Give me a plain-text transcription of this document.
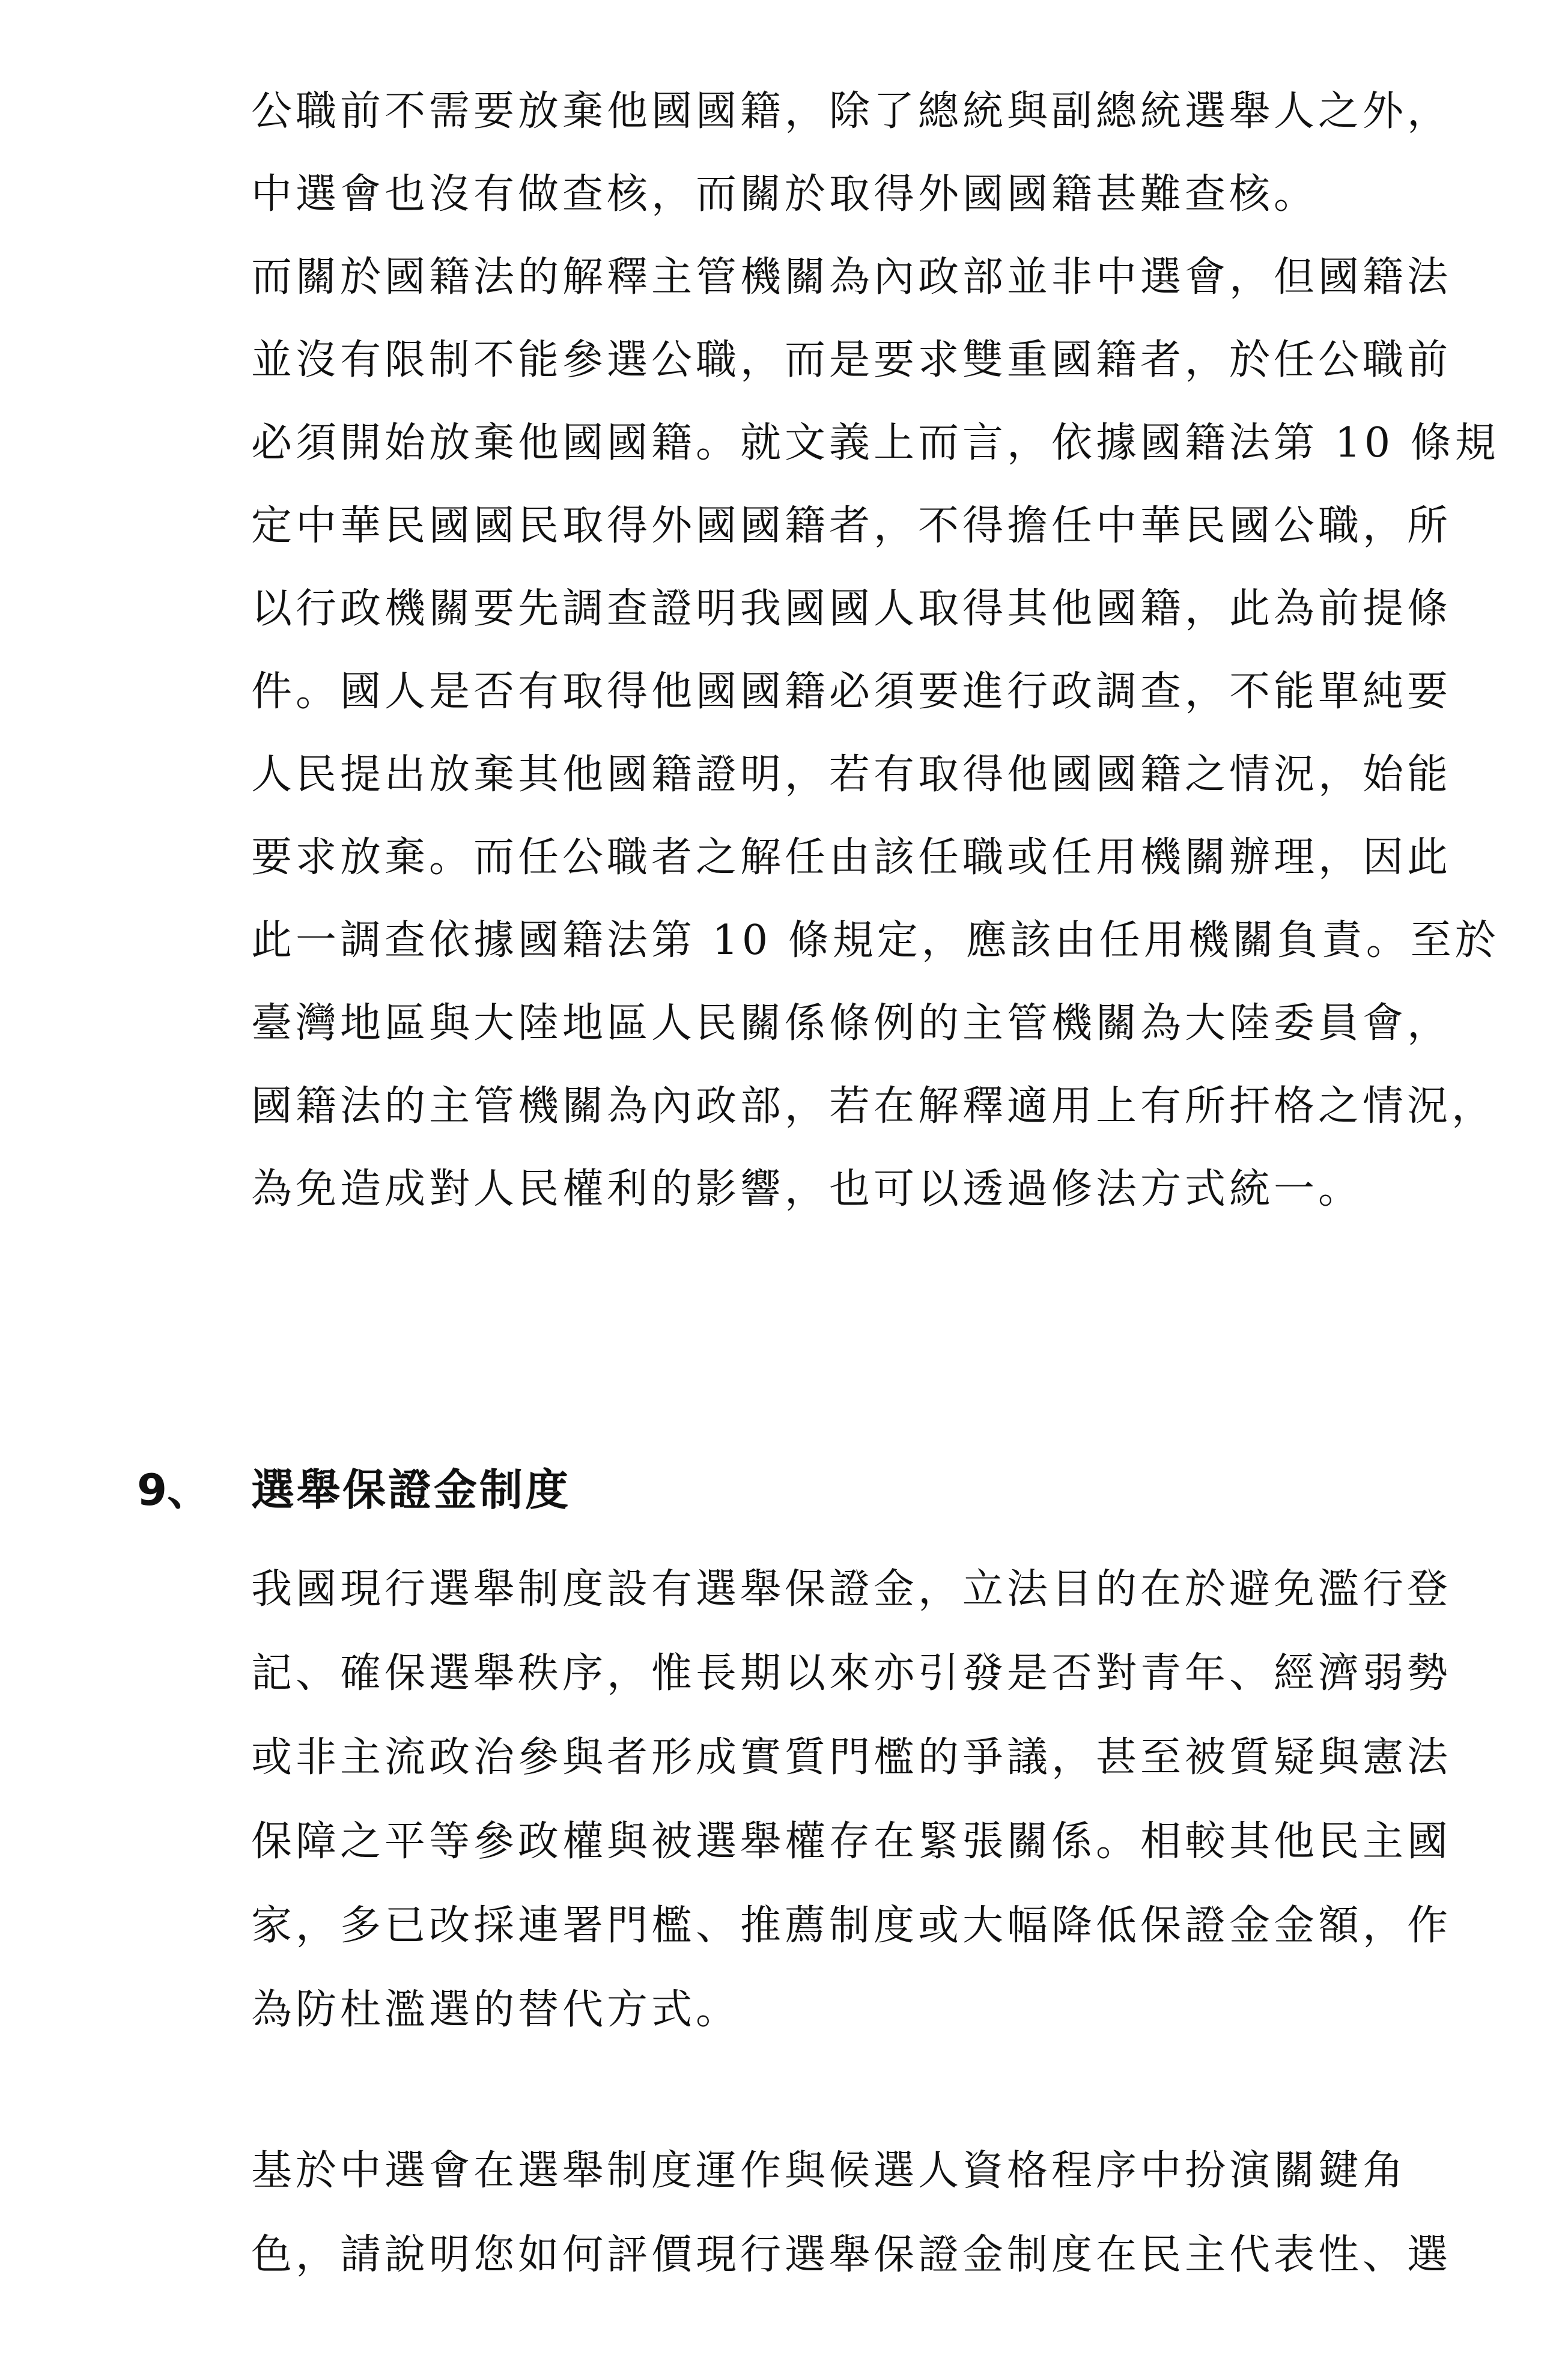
公職前不需要放棄他國國籍，除了總統與副總統選舉人之外，
中選會也沒有做查核，而關於取得外國國籍甚難查核。
而關於國籍法的解釋主管機關為內政部並非中選會，但國籍法
並沒有限制不能參選公職，而是要求雙重國籍者，於任公職前
必須開始放棄他國國籍。就文義上而言，依據國籍法第 10 條規
定中華民國國民取得外國國籍者，不得擔任中華民國公職，所
以行政機關要先調查證明我國國人取得其他國籍，此為前提條
件。國人是否有取得他國國籍必須要進行政調查，不能單純要
人民提出放棄其他國籍證明，若有取得他國國籍之情況，始能
要求放棄。而任公職者之解任由該任職或任用機關辦理，因此
此一調查依據國籍法第 10 條規定，應該由任用機關負責。至於
臺灣地區與大陸地區人民關係條例的主管機關為大陸委員會，
國籍法的主管機關為內政部，若在解釋適用上有所扞格之情況，
為免造成對人民權利的影響，也可以透過修法方式統一。
9、 選舉保證金制度
我國現行選舉制度設有選舉保證金，立法目的在於避免濫行登
記、確保選舉秩序，惟長期以來亦引發是否對青年、經濟弱勢
或非主流政治參與者形成實質門檻的爭議，甚至被質疑與憲法
保障之平等參政權與被選舉權存在緊張關係。相較其他民主國
家，多已改採連署門檻、推薦制度或大幅降低保證金金額，作
為防杜濫選的替代方式。
基於中選會在選舉制度運作與候選人資格程序中扮演關鍵角
色，請說明您如何評價現行選舉保證金制度在民主代表性、選
